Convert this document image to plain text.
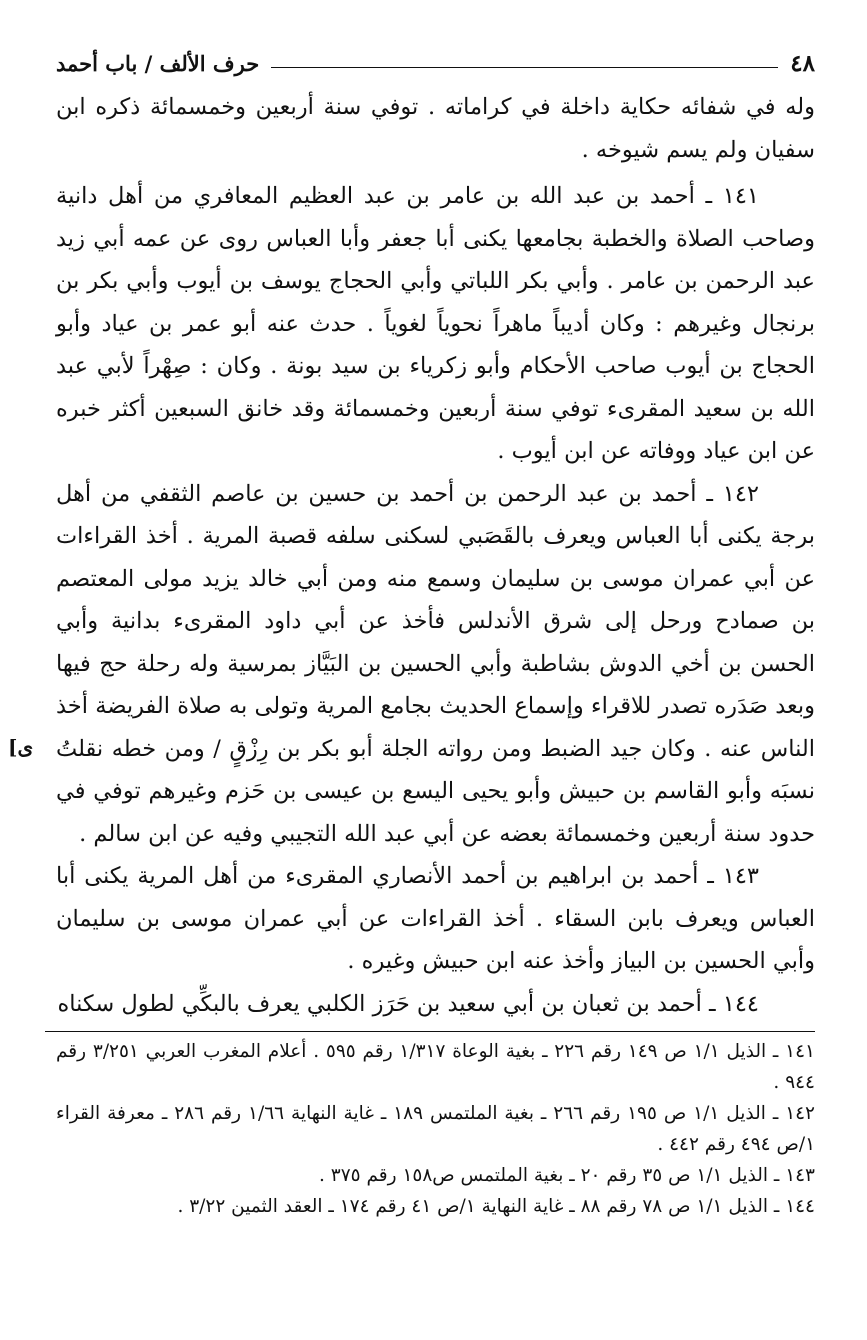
٤٨
حرف الألف / باب أحمد

وله في شفائه حكاية داخلة في كراماته . توفي سنة أربعين وخمسمائة ذكره ابن سفيان ولم يسم شيوخه .

١٤١ ـ أحمد بن عبد الله بن عامر بن عبد العظيم المعافري من أهل دانية وصاحب الصلاة والخطبة بجامعها يكنى أبا جعفر وأبا العباس روى عن عمه أبي زيد عبد الرحمن بن عامر . وأبي بكر اللباتي وأبي الحجاج يوسف بن أيوب وأبي بكر بن برنجال وغيرهم : وكان أديباً ماهراً نحوياً لغوياً . حدث عنه أبو عمر بن عياد وأبو الحجاج بن أيوب صاحب الأحكام وأبو زكرياء بن سيد بونة . وكان : صِهْراً لأبي عبد الله بن سعيد المقرىء توفي سنة أربعين وخمسمائة وقد خانق السبعين أكثر خبره عن ابن عياد ووفاته عن ابن أيوب .

١٤٢ ـ أحمد بن عبد الرحمن بن أحمد بن حسين بن عاصم الثقفي من أهل برجة يكنى أبا العباس ويعرف بالقَصَبي لسكنى سلفه قصبة المرية . أخذ القراءات عن أبي عمران موسى بن سليمان وسمع منه ومن أبي خالد يزيد مولى المعتصم بن صمادح ورحل إلى شرق الأندلس فأخذ عن أبي داود المقرىء بدانية وأبي الحسن بن أخي الدوش بشاطبة وأبي الحسين بن البَيَّاز بمرسية وله رحلة حج فيها وبعد صَدَره تصدر للاقراء وإسماع الحديث بجامع المرية وتولى به صلاة الفريضة أخذ الناس عنه . وكان جيد الضبط ومن رواته الجلة أبو بكر بن رِزْقٍ / ومن خطه نقلتُ نسبَه وأبو القاسم بن حبيش وأبو يحيى اليسع بن عيسى بن حَزم وغيرهم توفي في حدود سنة أربعين وخمسمائة بعضه عن أبي عبد الله التجيبي وفيه عن ابن سالم .

١٤٣ ـ أحمد بن ابراهيم بن أحمد الأنصاري المقرىء من أهل المرية يكنى أبا العباس ويعرف بابن السقاء . أخذ القراءات عن أبي عمران موسى بن سليمان وأبي الحسين بن البياز وأخذ عنه ابن حبيش وغيره .

١٤٤ ـ أحمد بن ثعبان بن أبي سعيد بن حَرَز الكلبي يعرف بالبكِّي لطول سكناه

١٤١ ـ الذيل ١/١ ص ١٤٩ رقم ٢٢٦ ـ بغية الوعاة ١/٣١٧ رقم ٥٩٥ . أعلام المغرب العربي ٣/٢٥١ رقم ٩٤٤ .

١٤٢ ـ الذيل ١/١ ص ١٩٥ رقم ٢٦٦ ـ بغية الملتمس ١٨٩ ـ غاية النهاية ١/٦٦ رقم ٢٨٦ ـ معرفة القراء ١/ص ٤٩٤ رقم ٤٤٢ .

١٤٣ ـ الذيل ١/١ ص ٣٥ رقم ٢٠ ـ بغية الملتمس ص١٥٨ رقم ٣٧٥ .

١٤٤ ـ الذيل ١/١ ص ٧٨ رقم ٨٨ ـ غاية النهاية ١/ص ٤١ رقم ١٧٤ ـ العقد الثمين ٣/٢٢ .

[ى
